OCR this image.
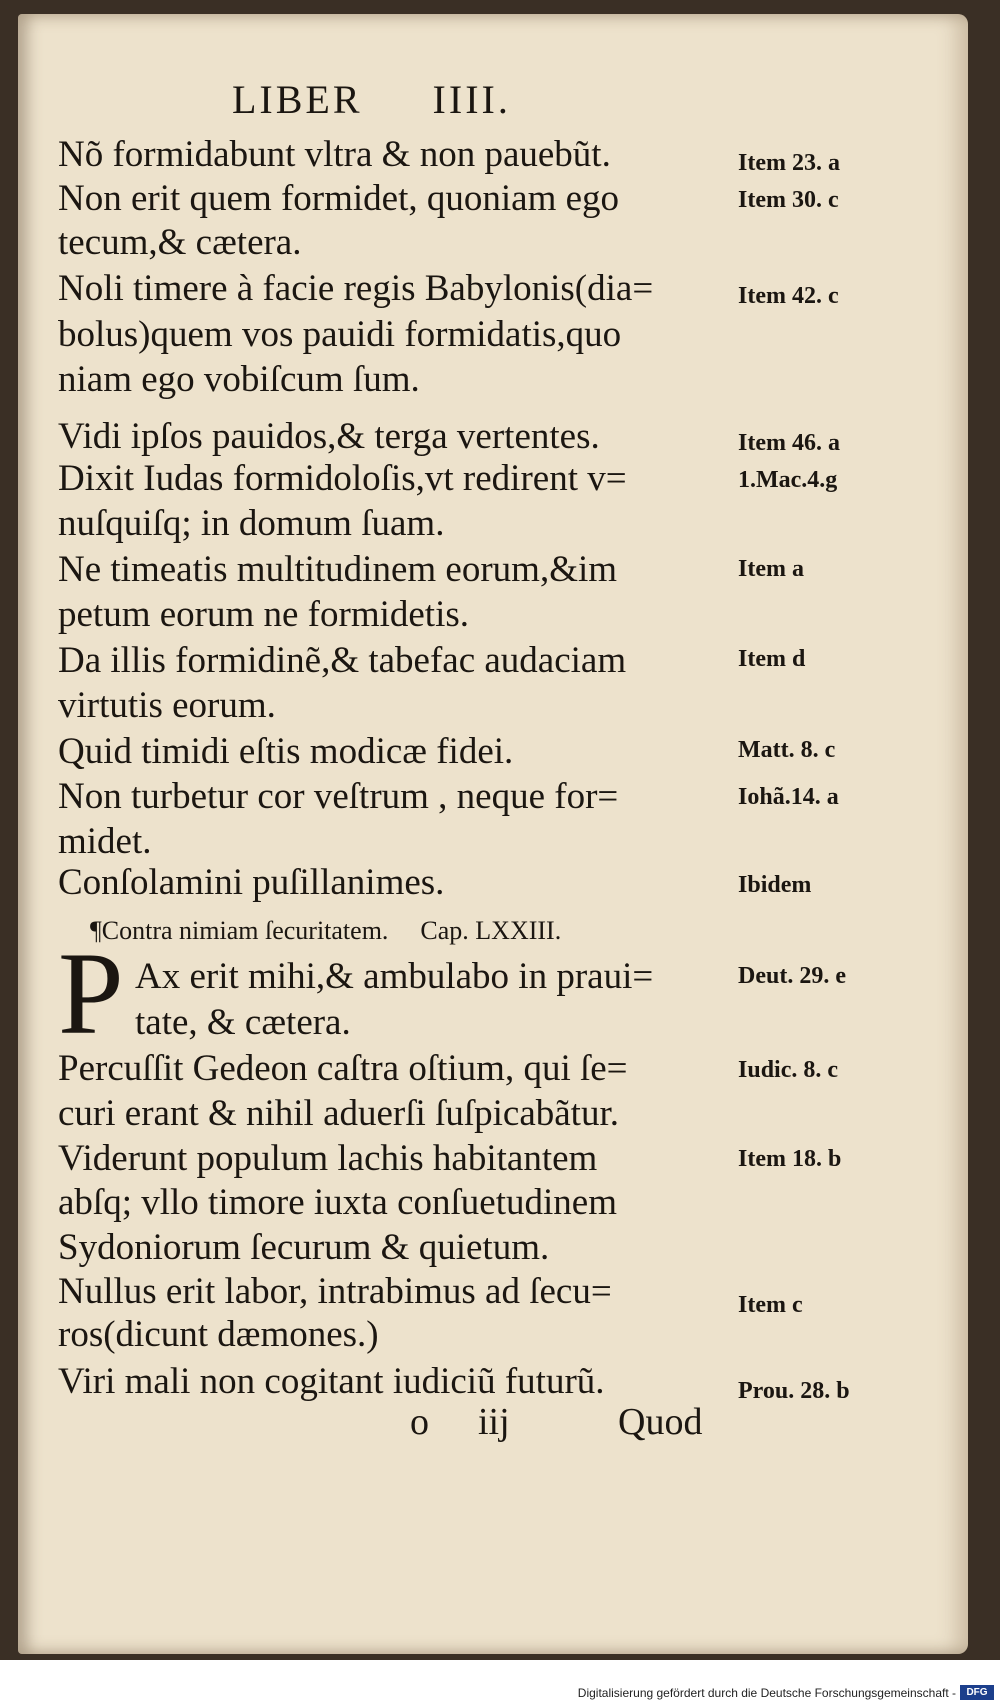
LIBER IIII.
Nõ formidabunt vltra & non pauebũt.	Item 23. a
Non erit quem formidet, quoniam ego	Item 30. c
tecum,& cætera.
Noli timere à facie regis Babylonis(dia=	Item 42. c
bolus)quem vos pauidi formidatis,quo
niam ego vobiſcum ſum.
Vidi ipſos pauidos,& terga vertentes.	Item 46. a
Dixit Iudas formidoloſis,vt redirent v=	1.Mac.4.g
nuſquiſq; in domum ſuam.
Ne timeatis multitudinem eorum,&im	Item a
petum eorum ne formidetis.
Da illis formidinẽ,& tabefac audaciam	Item d
virtutis eorum.
Quid timidi eſtis modicæ fidei.	Matt. 8. c
Non turbetur cor veſtrum , neque for=	Iohã.14. a
midet.
Conſolamini puſillanimes.	Ibidem
¶Contra nimiam ſecuritatem. Cap. LXXIII.
P Ax erit mihi,& ambulabo in praui=	Deut. 29. e
tate, & cætera.
Percuſſit Gedeon caſtra oſtium, qui ſe=	Iudic. 8. c
curi erant & nihil aduerſi ſuſpicabãtur.
Viderunt populum lachis habitantem	Item 18. b
abſq; vllo timore iuxta conſuetudinem
Sydoniorum ſecurum & quietum.
Nullus erit labor, intrabimus ad ſecu=	Item c
ros(dicunt dæmones.)
Viri mali non cogitant iudiciũ futurũ.	Prou. 28. b
o iij	Quod
Digitalisierung gefördert durch die Deutsche Forschungsgemeinschaft -	DFG
